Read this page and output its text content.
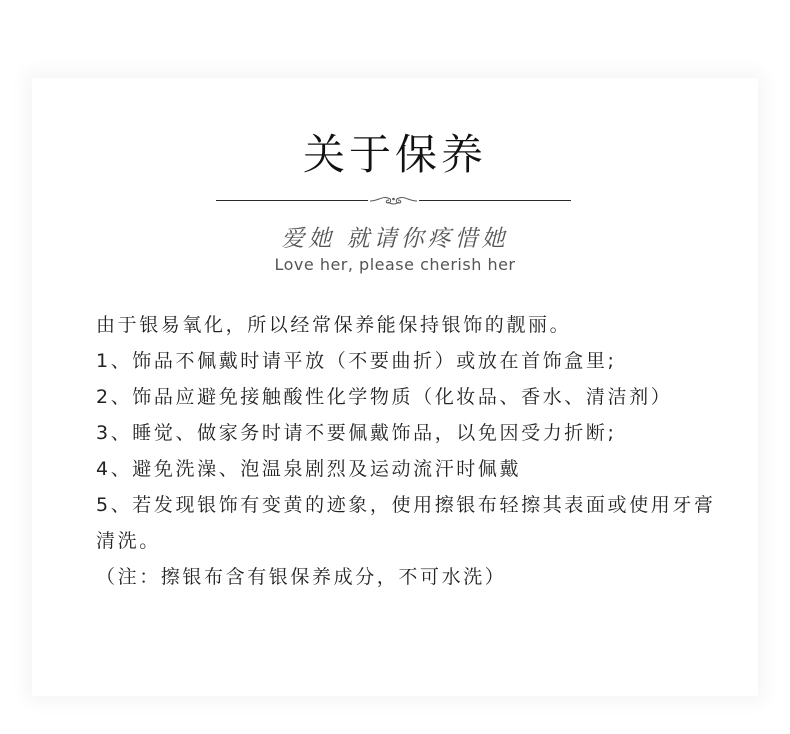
关于保养
爱她 就请你疼惜她
Love her, please cherish her

由于银易氧化，所以经常保养能保持银饰的靓丽。

1、饰品不佩戴时请平放（不要曲折）或放在首饰盒里;

2、饰品应避免接触酸性化学物质（化妆品、香水、清洁剂）

3、睡觉、做家务时请不要佩戴饰品，以免因受力折断;

4、避免洗澡、泡温泉剧烈及运动流汗时佩戴

5、若发现银饰有变黄的迹象，使用擦银布轻擦其表面或使用牙膏清洗。

（注：擦银布含有银保养成分，不可水洗）
